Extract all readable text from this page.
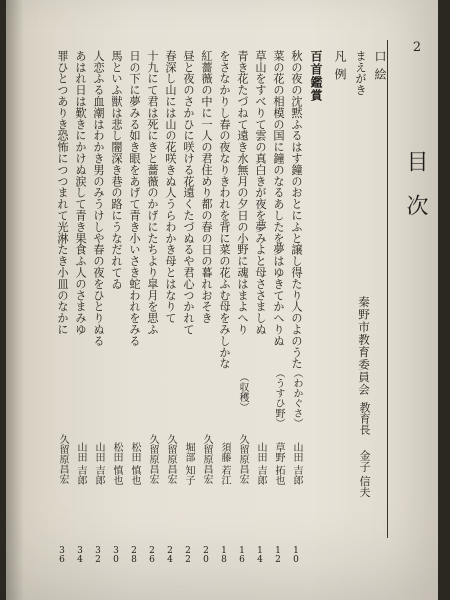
2
目次
口絵
まえがき
凡例
百首鑑賞
秦野市教育委員会
教育長
金子 信夫
秋の夜の沈黙ふるはす鐘のおとにふと譲し得たり人のよのうた
（わかぐさ）
山田 吉郎
10
菜の花の相模の国に鐘のなるあしたを夢はゆきてかへりぬ
（うすひ野）
草野 拓也
12
草山をすべりて雲の真白きが夜を夢みよと母ささましぬ
山田 吉郎
14
青き花たづねて遠き水無月の夕日の小野に魂はまよへり
（収穫）
久留原昌宏
16
をさなかりし春の夜なりきわれを背に菜の花ふむ母をみしかな
須藤 若江
18
紅薔薇の中に一人の君住めり都の春の日の暮れおそき
久留原昌宏
20
昼と夜のさかひに咲ける花遠くたづぬるや君心つかれて
堀部 知子
22
春深し山には山の花咲きぬ人うらわかき母とはなりて
久留原昌宏
24
十九にて君は死にきと薔薇のかげにたちより皐月を思ふ
久留原昌宏
26
日の下に夢みる如き眼をあげて青き小いさき蛇われをみる
松田 慎也
28
馬といふ獣は悲し闇深き巷の路にうなだれてゐ
松田 慎也
30
人恋ふる血潮はわかき男のみうけしや春の夜をひとりぬる
山田 吉郎
32
あはれ日は歎きにかけぬ涙して青き果食ふ人のさまみゆ
山田 吉郎
34
罪ひとつありき恐怖につつまれて光淋たき小皿のなかに
久留原昌宏
36
